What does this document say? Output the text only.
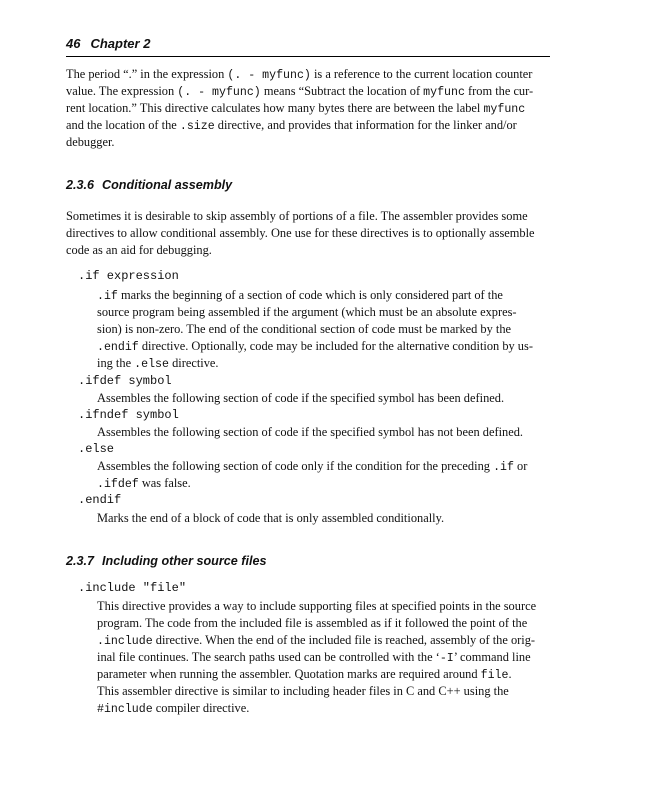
46 Chapter 2
The period “.” in the expression (. - myfunc) is a reference to the current location counter
value. The expression (. - myfunc) means “Subtract the location of myfunc from the cur-
rent location.” This directive calculates how many bytes there are between the label myfunc
and the location of the .size directive, and provides that information for the linker and/or
debugger.
2.3.6 Conditional assembly
Sometimes it is desirable to skip assembly of portions of a file. The assembler provides some
directives to allow conditional assembly. One use for these directives is to optionally assemble
code as an aid for debugging.
.if expression
.if marks the beginning of a section of code which is only considered part of the
source program being assembled if the argument (which must be an absolute expres-
sion) is non-zero. The end of the conditional section of code must be marked by the
.endif directive. Optionally, code may be included for the alternative condition by us-
ing the .else directive.
.ifdef symbol
Assembles the following section of code if the specified symbol has been defined.
.ifndef symbol
Assembles the following section of code if the specified symbol has not been defined.
.else
Assembles the following section of code only if the condition for the preceding .if or
.ifdef was false.
.endif
Marks the end of a block of code that is only assembled conditionally.
2.3.7 Including other source files
.include "file"
This directive provides a way to include supporting files at specified points in the source
program. The code from the included file is assembled as if it followed the point of the
.include directive. When the end of the included file is reached, assembly of the orig-
inal file continues. The search paths used can be controlled with the ‘-I’ command line
parameter when running the assembler. Quotation marks are required around file.
This assembler directive is similar to including header files in C and C++ using the
#include compiler directive.
